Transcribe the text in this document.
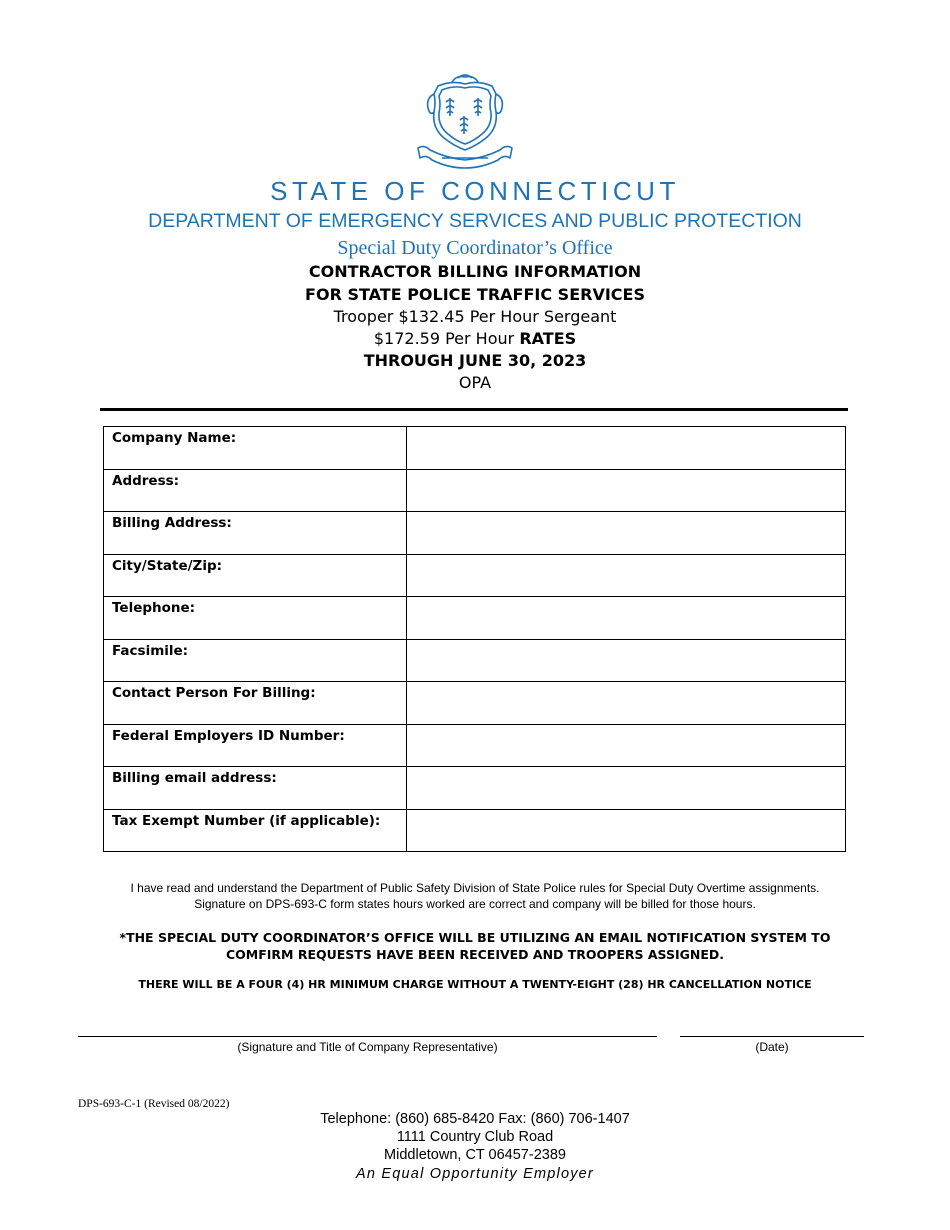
STATE OF CONNECTICUT
DEPARTMENT OF EMERGENCY SERVICES AND PUBLIC PROTECTION
Special Duty Coordinator’s Office
CONTRACTOR BILLING INFORMATION
FOR STATE POLICE TRAFFIC SERVICES
Trooper $132.45 Per Hour Sergeant
$172.59 Per Hour RATES
THROUGH JUNE 30, 2023
OPA
Company Name:	
Address:	
Billing Address:	
City/State/Zip:	
Telephone:	
Facsimile:	
Contact Person For Billing:	
Federal Employers ID Number:	
Billing email address:	
Tax Exempt Number (if applicable):	
I have read and understand the Department of Public Safety Division of State Police rules for Special Duty Overtime assignments.
Signature on DPS-693-C form states hours worked are correct and company will be billed for those hours.
*THE SPECIAL DUTY COORDINATOR’S OFFICE WILL BE UTILIZING AN EMAIL NOTIFICATION SYSTEM TO
COMFIRM REQUESTS HAVE BEEN RECEIVED AND TROOPERS ASSIGNED.
THERE WILL BE A FOUR (4) HR MINIMUM CHARGE WITHOUT A TWENTY-EIGHT (28) HR CANCELLATION NOTICE
(Signature and Title of Company Representative)	(Date)
DPS-693-C-1 (Revised 08/2022)
Telephone: (860) 685-8420 Fax: (860) 706-1407
1111 Country Club Road
Middletown, CT 06457-2389
An Equal Opportunity Employer
